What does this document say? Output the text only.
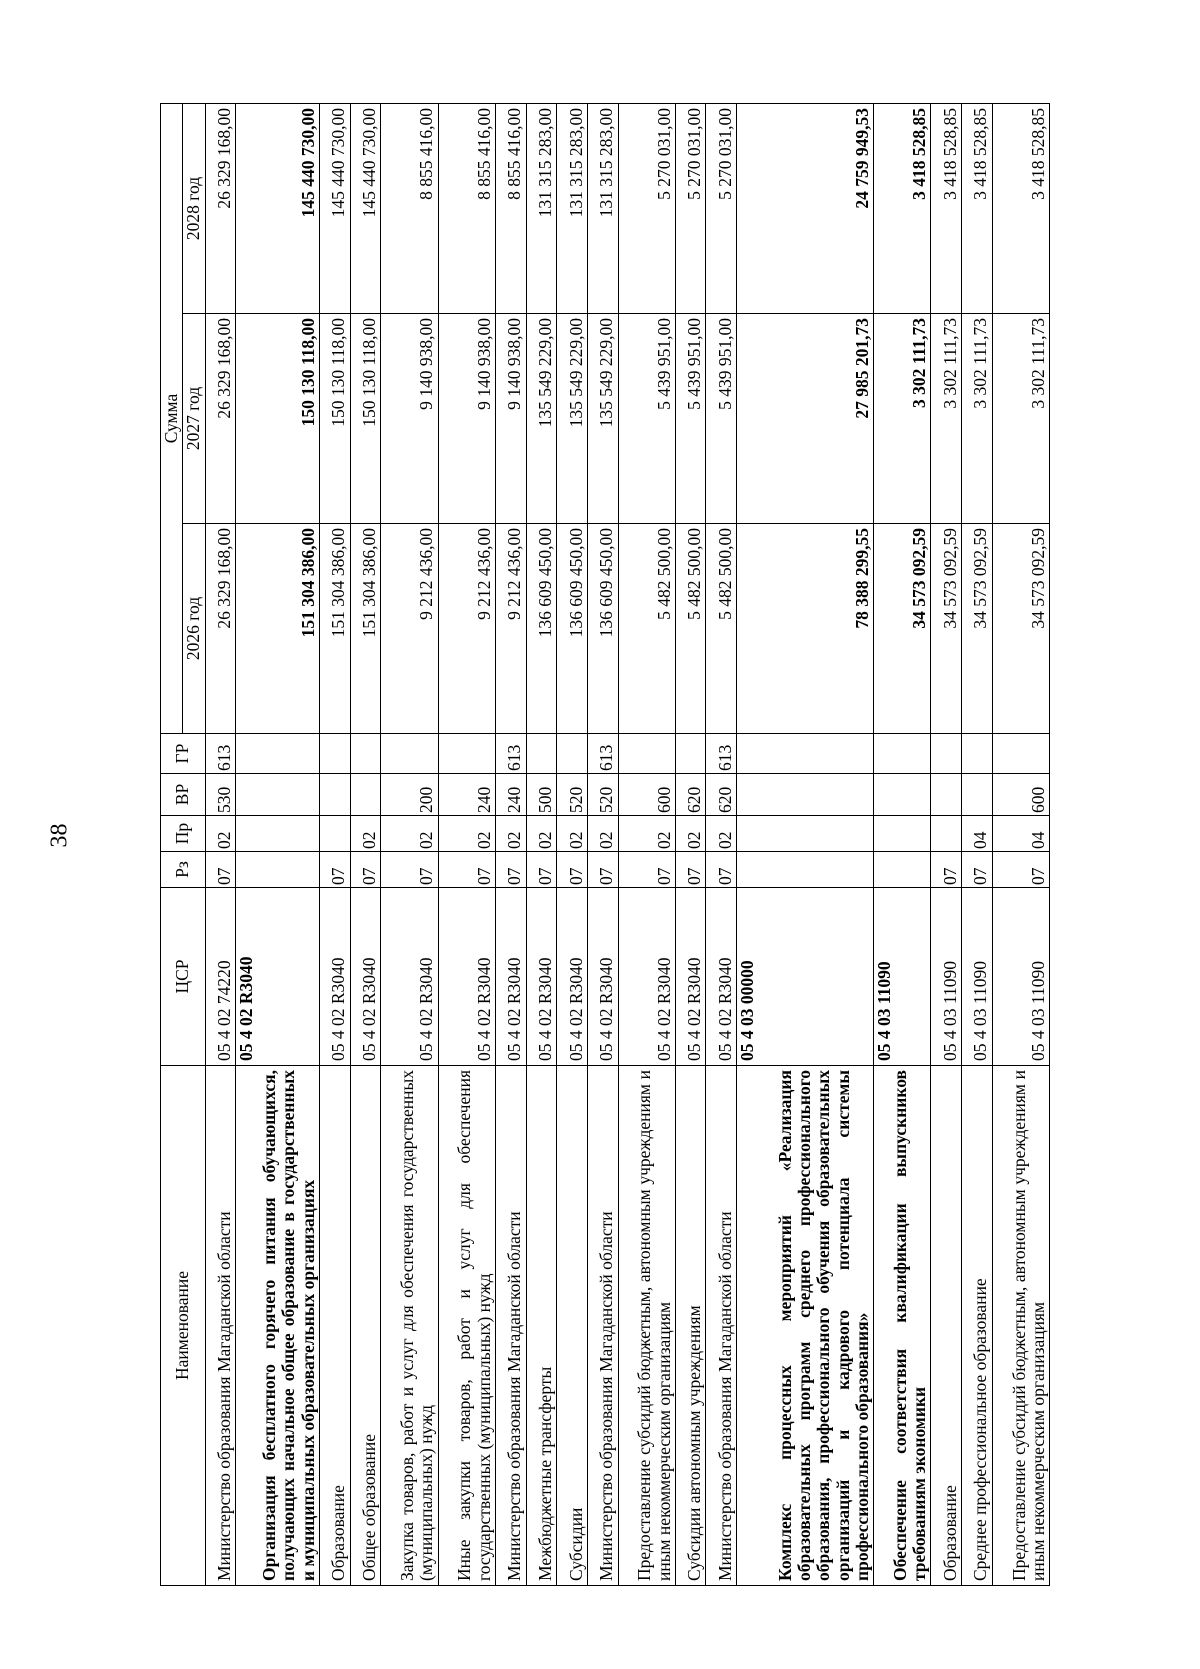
38
Наименование	ЦСР	Рз	Пр	ВР	ГР	Сумма		
						2026 год	2027 год	2028 год
Министерство образования Магаданской области	05 4 02 74220	07	02	530	613	26 329 168,00	26 329 168,00	26 329 168,00
Организация бесплатного горячего питания обучающихся, получающих начальное общее образование в государственных и муниципальных образовательных организациях	05 4 02 R3040					151 304 386,00	150 130 118,00	145 440 730,00
Образование	05 4 02 R3040	07				151 304 386,00	150 130 118,00	145 440 730,00
Общее образование	05 4 02 R3040	07	02			151 304 386,00	150 130 118,00	145 440 730,00
Закупка товаров, работ и услуг для обеспечения государственных (муниципальных) нужд	05 4 02 R3040	07	02	200		9 212 436,00	9 140 938,00	8 855 416,00
Иные закупки товаров, работ и услуг для обеспечения государственных (муниципальных) нужд	05 4 02 R3040	07	02	240		9 212 436,00	9 140 938,00	8 855 416,00
Министерство образования Магаданской области	05 4 02 R3040	07	02	240	613	9 212 436,00	9 140 938,00	8 855 416,00
Межбюджетные трансферты	05 4 02 R3040	07	02	500		136 609 450,00	135 549 229,00	131 315 283,00
Субсидии	05 4 02 R3040	07	02	520		136 609 450,00	135 549 229,00	131 315 283,00
Министерство образования Магаданской области	05 4 02 R3040	07	02	520	613	136 609 450,00	135 549 229,00	131 315 283,00
Предоставление субсидий бюджетным, автономным учреждениям и иным некоммерческим организациям	05 4 02 R3040	07	02	600		5 482 500,00	5 439 951,00	5 270 031,00
Субсидии автономным учреждениям	05 4 02 R3040	07	02	620		5 482 500,00	5 439 951,00	5 270 031,00
Министерство образования Магаданской области	05 4 02 R3040	07	02	620	613	5 482 500,00	5 439 951,00	5 270 031,00
Комплекс процессных мероприятий «Реализация образовательных программ среднего профессионального образования, профессионального обучения образовательных организаций и кадрового потенциала системы профессионального образования»	05 4 03 00000					78 388 299,55	27 985 201,73	24 759 949,53
Обеспечение соответствия квалификации выпускников требованиям экономики	05 4 03 11090					34 573 092,59	3 302 111,73	3 418 528,85
Образование	05 4 03 11090	07				34 573 092,59	3 302 111,73	3 418 528,85
Среднее профессиональное образование	05 4 03 11090	07	04			34 573 092,59	3 302 111,73	3 418 528,85
Предоставление субсидий бюджетным, автономным учреждениям и иным некоммерческим организациям	05 4 03 11090	07	04	600		34 573 092,59	3 302 111,73	3 418 528,85
